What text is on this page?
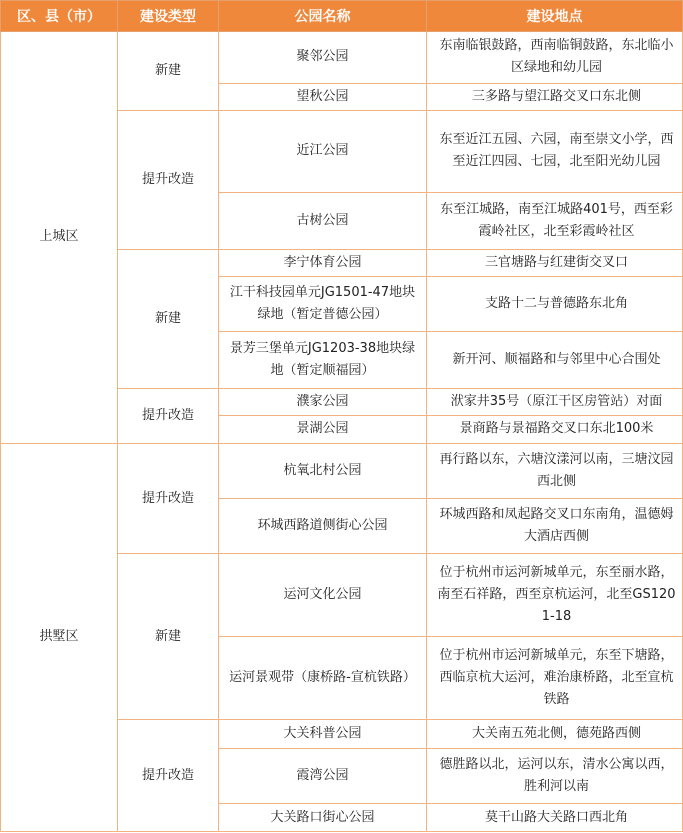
区、县（市）	建设类型	公园名称	建设地点
上城区	新建	聚邻公园	东南临银鼓路，西南临铜鼓路，东北临小区绿地和幼儿园
		望秋公园	三多路与望江路交叉口东北侧
	提升改造	近江公园	东至近江五园、六园，南至崇文小学，西至近江四园、七园，北至阳光幼儿园
		古树公园	东至江城路，南至江城路401号，西至彩霞岭社区，北至彩霞岭社区
	新建	李宁体育公园	三官塘路与红建街交叉口
		江干科技园单元JG1501-47地块绿地（暂定普德公园）	支路十二与普德路东北角
		景芳三堡单元JG1203-38地块绿地（暂定顺福园）	新开河、顺福路和与邻里中心合围处
	提升改造	濮家公园	洑家井35号（原江干区房管站）对面
		景湖公园	景商路与景福路交叉口东北100米
拱墅区	提升改造	杭氧北村公园	再行路以东，六塘汶漾河以南，三塘汶园西北侧
		环城西路道侧街心公园	环城西路和凤起路交叉口东南角，温德姆大酒店西侧
	新建	运河文化公园	位于杭州市运河新城单元，东至丽水路，南至石祥路，西至京杭运河，北至GS1201-18
		运河景观带（康桥路-宣杭铁路）	位于杭州市运河新城单元，东至下塘路，西临京杭大运河，难治康桥路，北至宣杭铁路
	提升改造	大关科普公园	大关南五苑北侧，德苑路西侧
		霞湾公园	德胜路以北，运河以东，清水公寓以西，胜利河以南
		大关路口街心公园	莫干山路大关路口西北角
